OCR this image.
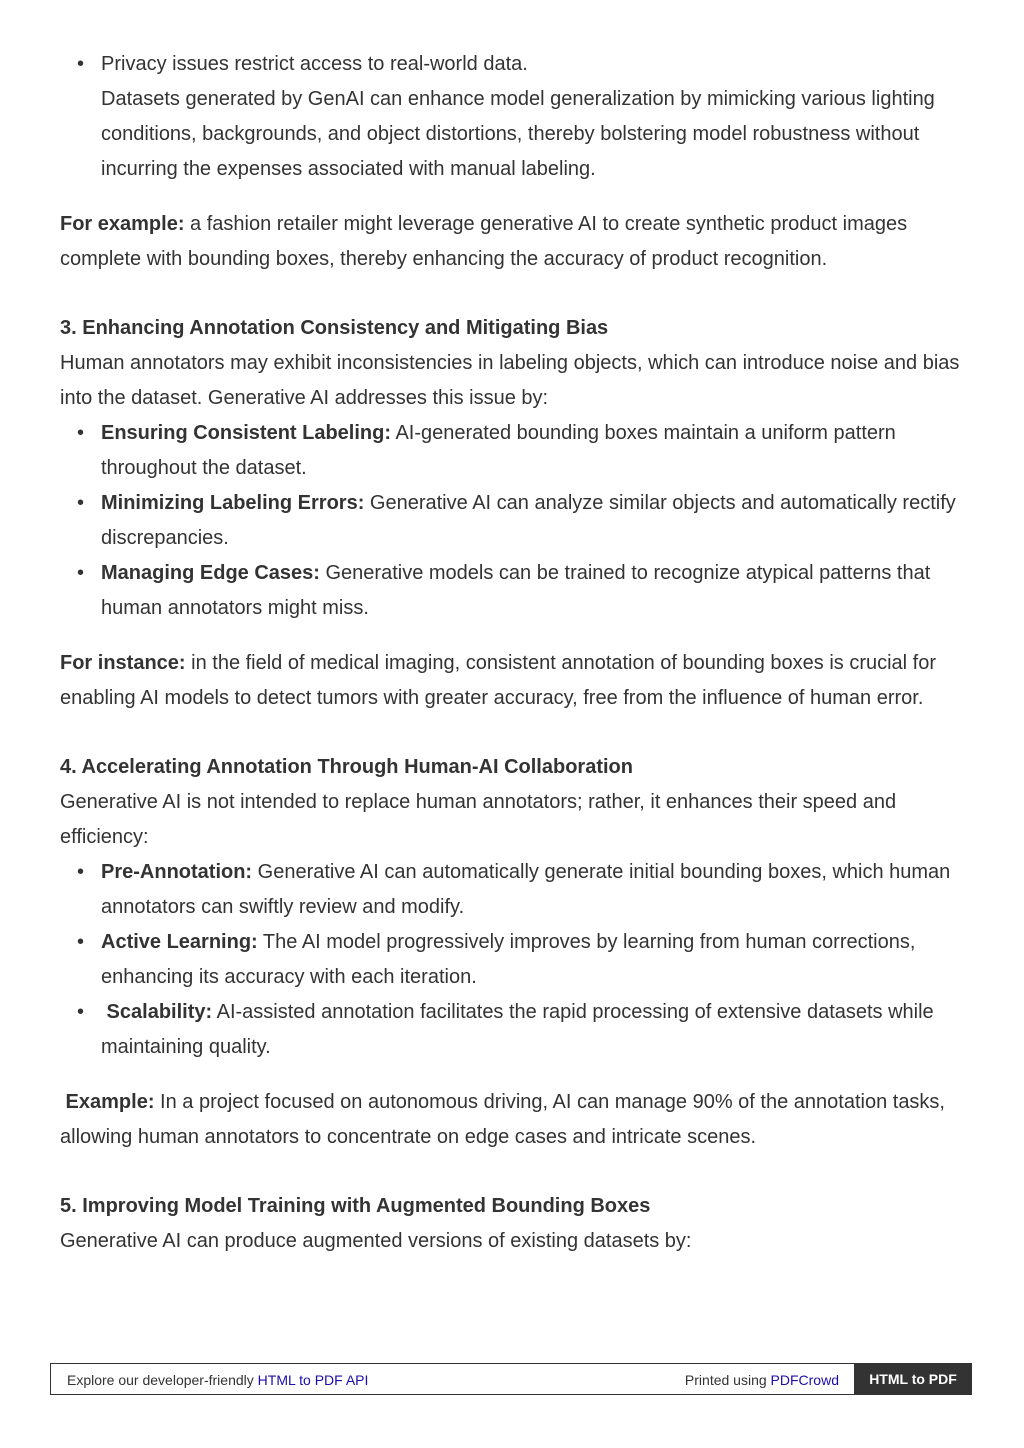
• Privacy issues restrict access to real-world data.

Datasets generated by GenAI can enhance model generalization by mimicking various lighting conditions, backgrounds, and object distortions, thereby bolstering model robustness without incurring the expenses associated with manual labeling.

For example: a fashion retailer might leverage generative AI to create synthetic product images complete with bounding boxes, thereby enhancing the accuracy of product recognition.

3. Enhancing Annotation Consistency and Mitigating Bias

Human annotators may exhibit inconsistencies in labeling objects, which can introduce noise and bias into the dataset. Generative AI addresses this issue by:

• Ensuring Consistent Labeling: AI-generated bounding boxes maintain a uniform pattern throughout the dataset.
• Minimizing Labeling Errors: Generative AI can analyze similar objects and automatically rectify discrepancies.
• Managing Edge Cases: Generative models can be trained to recognize atypical patterns that human annotators might miss.

For instance: in the field of medical imaging, consistent annotation of bounding boxes is crucial for enabling AI models to detect tumors with greater accuracy, free from the influence of human error.

4. Accelerating Annotation Through Human-AI Collaboration

Generative AI is not intended to replace human annotators; rather, it enhances their speed and efficiency:

• Pre-Annotation: Generative AI can automatically generate initial bounding boxes, which human annotators can swiftly review and modify.
• Active Learning: The AI model progressively improves by learning from human corrections, enhancing its accuracy with each iteration.
•  Scalability: AI-assisted annotation facilitates the rapid processing of extensive datasets while maintaining quality.

Example: In a project focused on autonomous driving, AI can manage 90% of the annotation tasks, allowing human annotators to concentrate on edge cases and intricate scenes.

5. Improving Model Training with Augmented Bounding Boxes

Generative AI can produce augmented versions of existing datasets by:

Explore our developer-friendly HTML to PDF API	Printed using PDFCrowd	HTML to PDF
